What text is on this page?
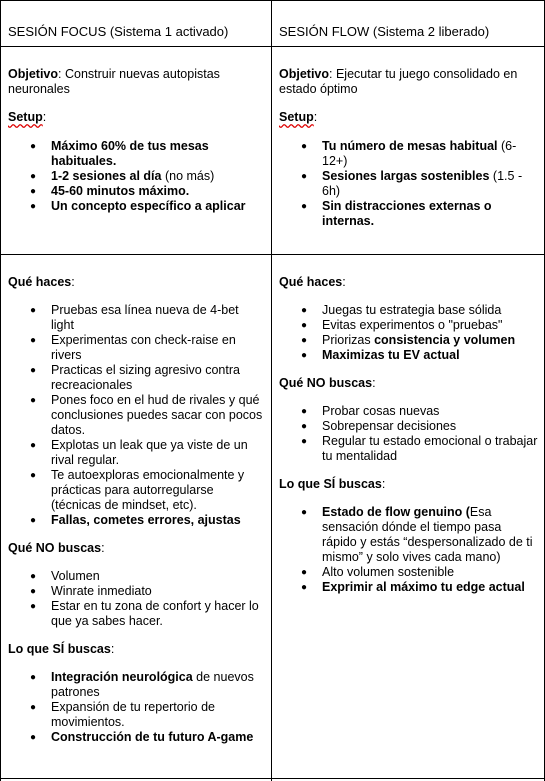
SESIÓN FOCUS (Sistema 1 activado)	SESIÓN FLOW (Sistema 2 liberado)

Objetivo: Construir nuevas autopistas neuronales

Setup:

● Máximo 60% de tus mesas habituales.
● 1-2 sesiones al día (no más)
● 45-60 minutos máximo.
● Un concepto específico a aplicar

Objetivo: Ejecutar tu juego consolidado en estado óptimo

Setup:

● Tu número de mesas habitual (6-12+)
● Sesiones largas sostenibles (1.5 - 6h)
● Sin distracciones externas o internas.

Qué haces:

● Pruebas esa línea nueva de 4-bet light
● Experimentas con check-raise en rivers
● Practicas el sizing agresivo contra recreacionales
● Pones foco en el hud de rivales y qué conclusiones puedes sacar con pocos datos.
● Explotas un leak que ya viste de un rival regular.
● Te autoexploras emocionalmente y prácticas para autorregularse (técnicas de mindset, etc).
● Fallas, cometes errores, ajustas

Qué NO buscas:

● Volumen
● Winrate inmediato
● Estar en tu zona de confort y hacer lo que ya sabes hacer.

Lo que SÍ buscas:

● Integración neurológica de nuevos patrones
● Expansión de tu repertorio de movimientos.
● Construcción de tu futuro A-game

Qué haces:

● Juegas tu estrategia base sólida
● Evitas experimentos o "pruebas"
● Priorizas consistencia y volumen
● Maximizas tu EV actual

Qué NO buscas:

● Probar cosas nuevas
● Sobrepensar decisiones
● Regular tu estado emocional o trabajar tu mentalidad

Lo que SÍ buscas:

● Estado de flow genuino (Esa sensación dónde el tiempo pasa rápido y estás “despersonalizado de ti mismo” y solo vives cada mano)
● Alto volumen sostenible
● Exprimir al máximo tu edge actual
